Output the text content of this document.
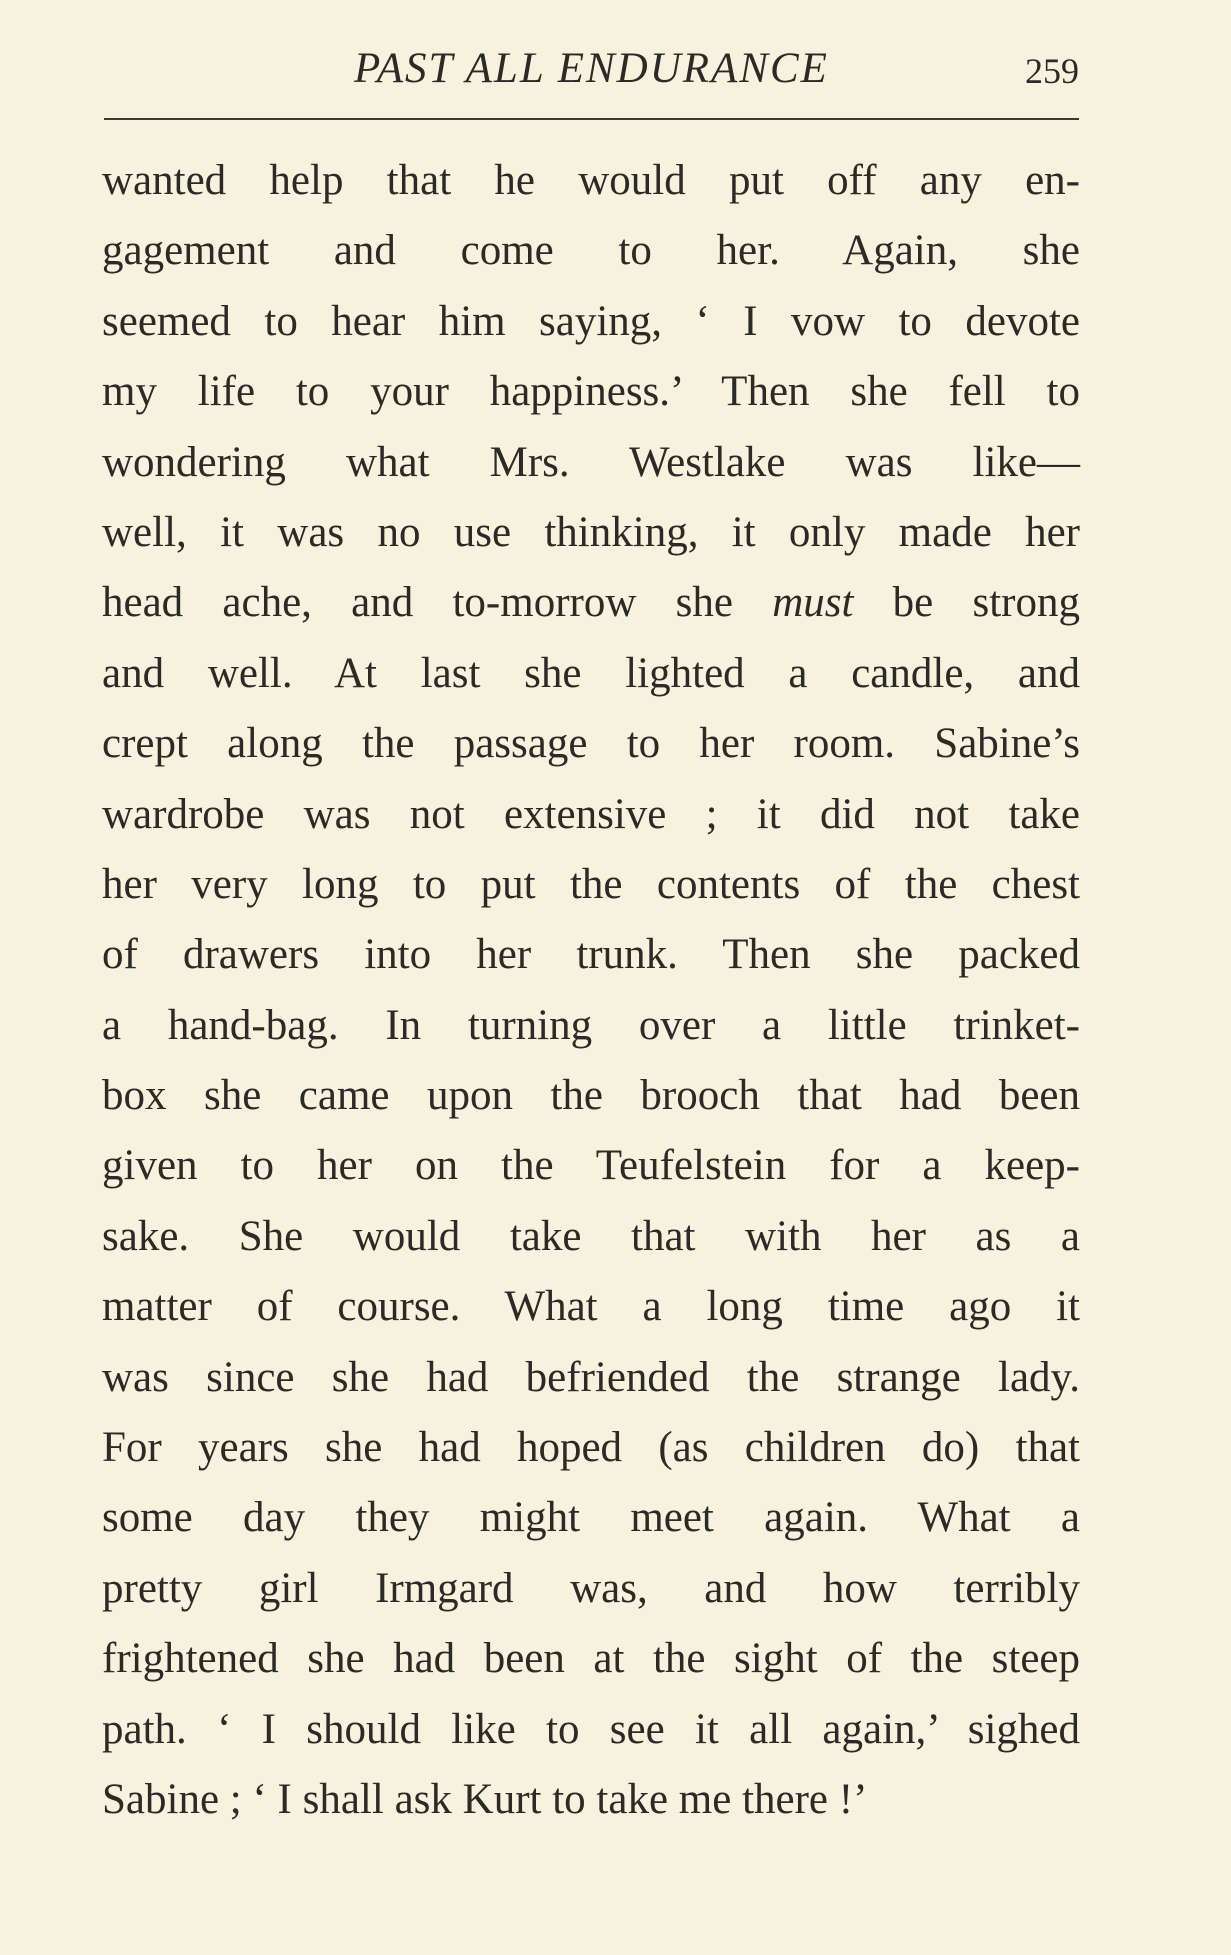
PAST ALL ENDURANCE	259
wanted help that he would put off any en-
gagement and come to her. Again, she
seemed to hear him saying, ‘ I vow to devote
my life to your happiness.’ Then she fell to
wondering what Mrs. Westlake was like—
well, it was no use thinking, it only made her
head ache, and to-morrow she must be strong
and well. At last she lighted a candle, and
crept along the passage to her room. Sabine’s
wardrobe was not extensive ; it did not take
her very long to put the contents of the chest
of drawers into her trunk. Then she packed
a hand-bag. In turning over a little trinket-
box she came upon the brooch that had been
given to her on the Teufelstein for a keep-
sake. She would take that with her as a
matter of course. What a long time ago it
was since she had befriended the strange lady.
For years she had hoped (as children do) that
some day they might meet again. What a
pretty girl Irmgard was, and how terribly
frightened she had been at the sight of the steep
path. ‘ I should like to see it all again,’ sighed
Sabine ; ‘ I shall ask Kurt to take me there !’
